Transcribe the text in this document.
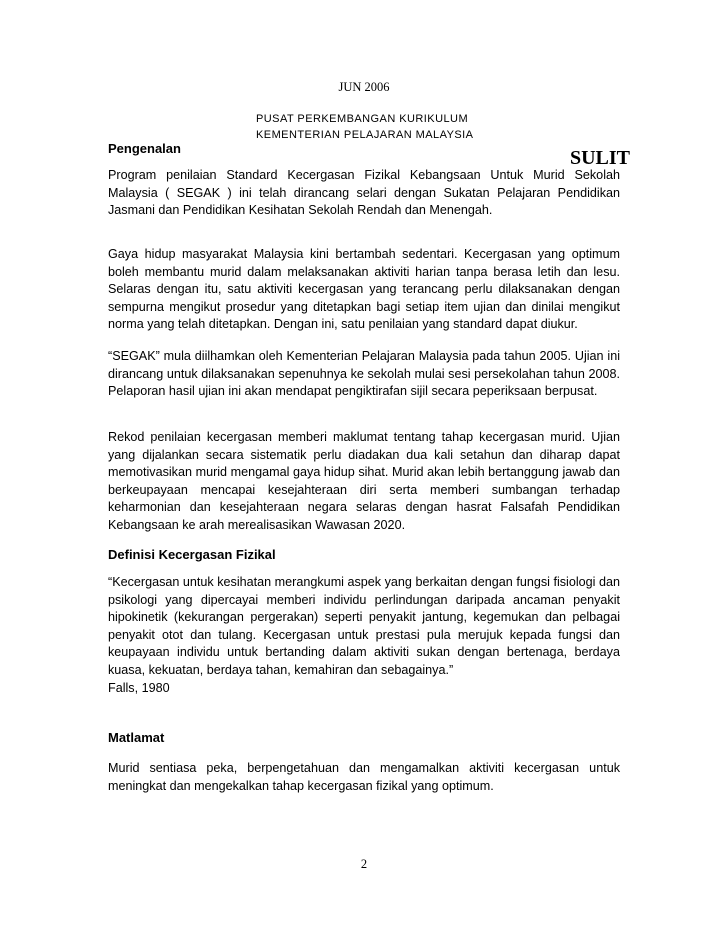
JUN 2006
PUSAT PERKEMBANGAN KURIKULUM
KEMENTERIAN PELAJARAN MALAYSIA
SULIT
Pengenalan
Program penilaian Standard Kecergasan Fizikal Kebangsaan Untuk Murid Sekolah Malaysia ( SEGAK ) ini telah dirancang selari dengan Sukatan Pelajaran Pendidikan Jasmani dan Pendidikan Kesihatan Sekolah Rendah dan Menengah.
Gaya hidup masyarakat Malaysia kini bertambah sedentari. Kecergasan yang optimum boleh membantu murid dalam melaksanakan aktiviti harian tanpa berasa letih dan lesu. Selaras dengan itu, satu aktiviti kecergasan yang terancang perlu dilaksanakan dengan sempurna mengikut prosedur yang ditetapkan bagi setiap item ujian dan dinilai mengikut norma yang telah ditetapkan. Dengan ini, satu penilaian yang standard dapat diukur.
“SEGAK” mula diilhamkan oleh Kementerian Pelajaran Malaysia pada tahun 2005. Ujian ini dirancang untuk dilaksanakan sepenuhnya ke sekolah mulai sesi persekolahan tahun 2008. Pelaporan hasil ujian ini akan mendapat pengiktirafan sijil secara peperiksaan berpusat.
Rekod penilaian kecergasan memberi maklumat tentang tahap kecergasan murid. Ujian yang dijalankan secara sistematik perlu diadakan dua kali setahun dan diharap dapat memotivasikan murid mengamal gaya hidup sihat. Murid akan lebih bertanggung jawab dan berkeupayaan mencapai kesejahteraan diri serta memberi sumbangan terhadap keharmonian dan kesejahteraan negara selaras dengan hasrat Falsafah Pendidikan Kebangsaan ke arah merealisasikan Wawasan 2020.
Definisi Kecergasan Fizikal
“Kecergasan untuk kesihatan merangkumi aspek yang berkaitan dengan fungsi fisiologi dan psikologi yang dipercayai memberi individu perlindungan daripada ancaman penyakit hipokinetik (kekurangan pergerakan) seperti penyakit jantung, kegemukan dan pelbagai penyakit otot dan tulang. Kecergasan untuk prestasi pula merujuk kepada fungsi dan keupayaan individu untuk bertanding dalam aktiviti sukan dengan bertenaga, berdaya kuasa, kekuatan, berdaya tahan, kemahiran dan sebagainya.”
Falls, 1980
Matlamat
Murid sentiasa peka, berpengetahuan dan mengamalkan aktiviti kecergasan untuk meningkat dan mengekalkan tahap kecergasan fizikal yang optimum.
2
